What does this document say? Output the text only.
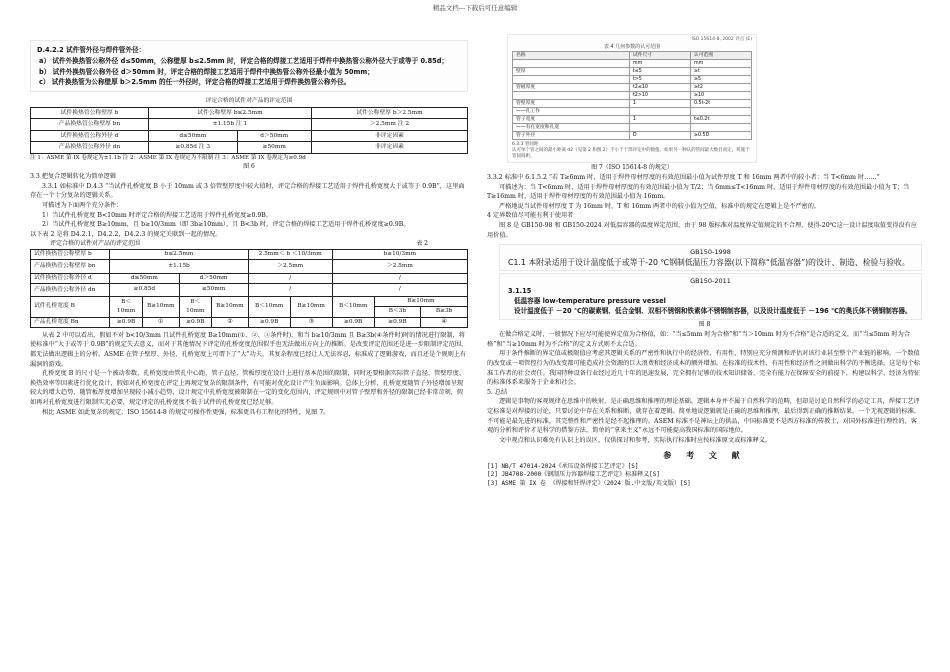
精品文档---下载后可任意编辑

D.4.2.2 试件管外径与焊件管外径：

a） 试件外换热管公称外径 d≤50mm，公称壁厚 b≤2.5mm 时，评定合格的焊接工艺适用于焊件中换热管公称外径大于或等于 0.85d；

b） 试件外换热管公称外径 d＞50mm 时，评定合格的焊接工艺适用于焊件中换热管公称外径最小值为 50mm；

c） 试件换热管为公称壁厚 b＞2.5mm 的任一外径时，评定合格的焊接工艺适用于焊件换热管公称外径。

评定合格的试件对产品的评定范围			
试件换热管公称壁厚 b	试件公称壁厚 b≤2.5mm		试件公称壁厚 b＞2.5mm
产品换热管公称壁厚 bn	±1.15b 注 1		＞2.5mm 注 2
试件换热管公称外径 d	d≤50mm	d＞50mm	非评定因素
产品换热管公称外径 dn	≥0.85d 注 3	≥50mm	非评定因素

注 1：ASME 第 IX 卷规定为±1.1b 注 2：ASME 第 IX 卷规定为不限制 注 3：ASME 第 IX 卷规定为≥0.9d

图 6

3.3 把复合逻辑转化为简单逻辑

3.3.1 如标准中 D.4.3 “当试件孔桥宽度 B 小于 10mm 或 3 倍管壁厚度中较大值时，评定合格的焊接工艺适用于焊件孔桥宽度大于或等于 0.9B”，这里面存在一个十分复杂的逻辑关系。

可描述为下面两个充分条件：

1）当试件孔桥宽度 B<10mm 时评定合格的焊接工艺适用于焊件孔桥宽度≥0.9B。

2）当试件孔桥宽度 B≥10mm，且 b≥10/3mm（即 3b≥10mm），且 B<3b 时，评定合格的焊接工艺适用于焊件孔桥宽度≥0.9B。

以下表 2 是将 D4.2.1，D4.2.2，D4.2.3 的规定关联到一起的情况。

评定合格的试件对产品的评定范围	表 2
试件换热管公称壁厚 b	b≤2.5mm				2.5mm＜ b ＜10/3mm		b≥10/3mm		
产品换热管公称壁厚 bn	±1.15b				＞2.5mm		＞2.5mm		
试件换热管公称外径 d	d≤50mm		d＞50mm		/		/		
产品换热管公称外径 dn	≥0.85d		≥50mm		/		/		
试件孔桥宽度 B	B＜10mm	B≥10mm	B＜10mm	B≥10mm	B＜10mm	B≥10mm	B＜10mm	B≥10mm	
								B＜3b	B≥3b
产品孔桥宽度 Bn	≥0.9B	①	≥0.9B	②	≥0.9B	③	≥0.9B	≥0.9B	④

从表 2 中可以看出，假如不对 b<10/3mm 且试件孔桥宽度 B≥10mm(①、②、③条件时)，和当 b≥10/3mm 且 B≥3b(④条件时)时的情况进行限制，将使标准中“大于或等于 0.9B”的规定失去意义，而对于其他情况下评定的孔桥宽度范围似乎也无法做出方向上的推断。是改变评定范围还是进一步限制评定范围，都无法做出逻辑上的分析。ASME 在管子壁厚、外径、孔桥宽度上可谓下了“大”功夫，其复杂程度已经让人无法容忍，标准成了逻辑游戏，而且还是个规则上有漏洞的游戏。

孔桥宽度 B 的尺寸是一个被动参数，孔桥宽度由管孔中心距，管子直径、管板厚度在设计上进行基本范围的限制，同时还要根据实际管子直径、管壁厚度、换热效率等因素进行优化设计，假如对孔桥宽度在评定上再规定复杂的限制条件，有可能对优化设计产生负面影响。总体上分析，孔桥宽度随管子外径增加呈现较大的增大趋势，随管板厚度增加呈现较小减小趋势，设计规定中孔桥宽度被限制在一定的变化范围内，评定规则中对管子壁厚和外径的限制已经非常苛刻，假如再对孔桥宽度进行限制实无必要，规定评定的孔桥宽度不低于试件的孔桥宽度已经足够。

相比 ASME 如此复杂的规定，ISO 15614-8 的规定可操作性更强，标准更具有工程化的特性，见图 7。

ISO 15614-8, 2002 评点 (E)

表 4 几何参数的认可范围

名称	试件尺寸	认可范围
	mm	mm
壁厚	t≤5	≥t
	t>5	≥5
管板厚度	t2≤10	≥t2
	t2>10	≥10
管壁厚度	1	0.5t-2t
——孔工作		
管子宽度	1	t≤0.2t
——有孔宽度和孔宽		
管子外径	D	≥0.5D

6.3.3 管间距

认可单个管之间的最小距离 d2（见第 2 和图 2）不小于于焊评定中的数值。如果另一种认的管间最大数目而定，将施于管间间距。

图 7（ISO 15614-8 的规定）

3.3.2 标准中 6.1.5.2 “若 T≥6mm 时，适用于焊件母材厚度的有效范围最小值为试件厚度 T 和 16mm 两者中的较小者：当 T<6mm 时……”

可描述为：当 T<6mm 时，适用于焊件母材厚度的有效范围最小值为 T/2；当 6mm≤T<16mm 时，适用于焊件母材厚度的有效范围最小值为 T；当 T≥16mm 时，适用于焊件母材厚度的有效范围最小值为 16mm。

严格地说当试件母材厚度 T 为 16mm 时，T 和 16mm 两者中的较小值为空值，标准中的规定在逻辑上是不严密的。

4 定界数值尽可能有利于使用者

图 8 是 GB150-98 和 GB150-2024 对低温容器的温度界定范围，由于 98 版标准对温度界定值规定的不合理，使得-20℃这一设计温度取值变得没有应用价值。

GB150-1998

C1.1 本附录适用于设计温度低于或等于-20 ℃钢制低温压力容器(以下简称“低温容器”)的设计、制造、检验与验收。

GB150-2011

3.1.15

低温容器 low-temperature pressure vessel

设计温度低于 －20 ℃的碳素钢、低合金钢、双相不锈钢和铁素体不锈钢制容器，以及设计温度低于 －196 ℃的奥氏体不锈钢制容器。

图 8

在做合格定义时，一般情况下应尽可能使界定值为合格值，如：“当≤5mm 时为合格”和“当＞10mm 时为不合格”是合适的定义，而“当≤5mm 时为合格”和“当≥10mm 时为不合格”的定义方式则不太合适。

用于条件推断的界定值或极限值应考虑其逻辑关系的严密性和执行中的经济性，有用性，特别应充分预测和评估对该行业甚至整个产业链的影响。一个数值的改变或一项管控行为的改变都可能造成社会资源的巨大浪费和经济成本的额外增加。在标准的技术性、有用性和经济性之间做出科学的平衡选择，这是每个标准工作者的社会责任。我国特种设备行业经过近几十年的迅速发展，完全拥有足够的技术知识储备，完全有能力在保障安全的前提下，构建以科学、经济为特征的标准体系来服务于企业和社会。

5. 总结

逻辑是事物的客观规律在思维中的映射，是正确思维和推理的理论基础。逻辑本身并不属于自然科学的范畴，但却是讨论自然科学的必定工具，焊接工艺评定标准是对焊接的讨论，只要讨论中存在关系和推断，就存在着逻辑。简单地说逻辑就是正确的思维和推理，最后得到正确的推断结果。一个无视逻辑的标准，不可能是最先进的标准，其完整性和严密性是经不起推理的。ASEM 标准不是神坛上的供品，中国标准更不是西方标准的传教士，对国外标准进行理性的、客观的分析和评价才是科学的借鉴方法，简单的“拿来主义”永远不可能提高我国标准的国际地位。

文中观点和认识难免有认识上的误区，仅供探讨和参考，实际执行标准时应按标准原文或标准释义。

参 考 文 献

[1] NB/T 47014-2024《承压设备焊接工艺评定》[S]

[2] JB4708-2000《钢制压力容器焊接工艺评定》标准释义[S]

[3] ASME 第 IX 卷 《焊接和钎焊评定》（2024 版.中文版/英文版）[S]
